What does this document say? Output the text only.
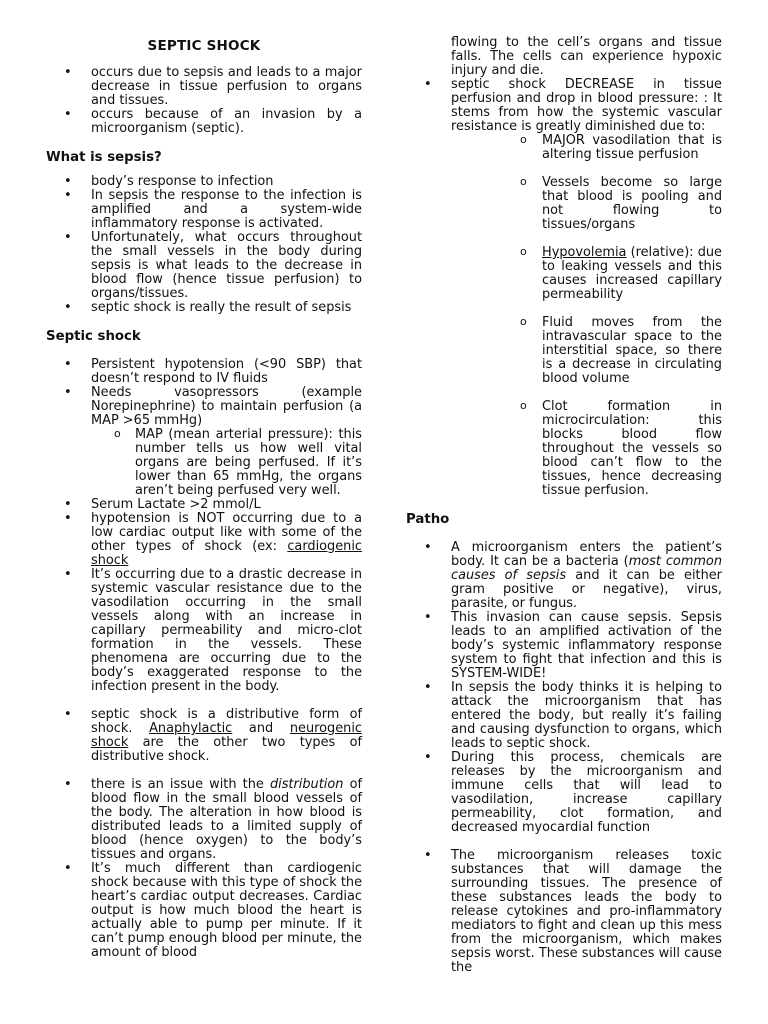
SEPTIC SHOCK
• occurs due to sepsis and leads to a major decrease in tissue perfusion to organs and tissues.
• occurs because of an invasion by a microorganism (septic).
What is sepsis?
• body’s response to infection
• In sepsis the response to the infection is amplified and a system-wide inflammatory response is activated.
• Unfortunately, what occurs throughout the small vessels in the body during sepsis is what leads to the decrease in blood flow (hence tissue perfusion) to organs/tissues.
• septic shock is really the result of sepsis
Septic shock
• Persistent hypotension (<90 SBP) that doesn’t respond to IV fluids
• Needs vasopressors (example Norepinephrine) to maintain perfusion (a MAP >65 mmHg)
o MAP (mean arterial pressure): this number tells us how well vital organs are being perfused. If it’s lower than 65 mmHg, the organs aren’t being perfused very well.
• Serum Lactate >2 mmol/L
• hypotension is NOT occurring due to a low cardiac output like with some of the other types of shock (ex: cardiogenic shock
• It’s occurring due to a drastic decrease in systemic vascular resistance due to the vasodilation occurring in the small vessels along with an increase in capillary permeability and micro-clot formation in the vessels. These phenomena are occurring due to the body’s exaggerated response to the infection present in the body.
• septic shock is a distributive form of shock. Anaphylactic and neurogenic shock are the other two types of distributive shock.
• there is an issue with the distribution of blood flow in the small blood vessels of the body. The alteration in how blood is distributed leads to a limited supply of blood (hence oxygen) to the body’s tissues and organs.
• It’s much different than cardiogenic shock because with this type of shock the heart’s cardiac output decreases. Cardiac output is how much blood the heart is actually able to pump per minute. If it can’t pump enough blood per minute, the amount of blood
flowing to the cell’s organs and tissue falls. The cells can experience hypoxic injury and die.
• septic shock DECREASE in tissue perfusion and drop in blood pressure: : It stems from how the systemic vascular resistance is greatly diminished due to:
o MAJOR vasodilation that is altering tissue perfusion
o Vessels become so large that blood is pooling and not flowing to tissues/organs
o Hypovolemia (relative): due to leaking vessels and this causes increased capillary permeability
o Fluid moves from the intravascular space to the interstitial space, so there is a decrease in circulating blood volume
o Clot formation in microcirculation: this blocks blood flow throughout the vessels so blood can’t flow to the tissues, hence decreasing tissue perfusion.
Patho
• A microorganism enters the patient’s body. It can be a bacteria (most common causes of sepsis and it can be either gram positive or negative), virus, parasite, or fungus.
• This invasion can cause sepsis. Sepsis leads to an amplified activation of the body’s systemic inflammatory response system to fight that infection and this is SYSTEM-WIDE!
• In sepsis the body thinks it is helping to attack the microorganism that has entered the body, but really it’s failing and causing dysfunction to organs, which leads to septic shock.
• During this process, chemicals are releases by the microorganism and immune cells that will lead to vasodilation, increase capillary permeability, clot formation, and decreased myocardial function
• The microorganism releases toxic substances that will damage the surrounding tissues. The presence of these substances leads the body to release cytokines and pro-inflammatory mediators to fight and clean up this mess from the microorganism, which makes sepsis worst. These substances will cause the
